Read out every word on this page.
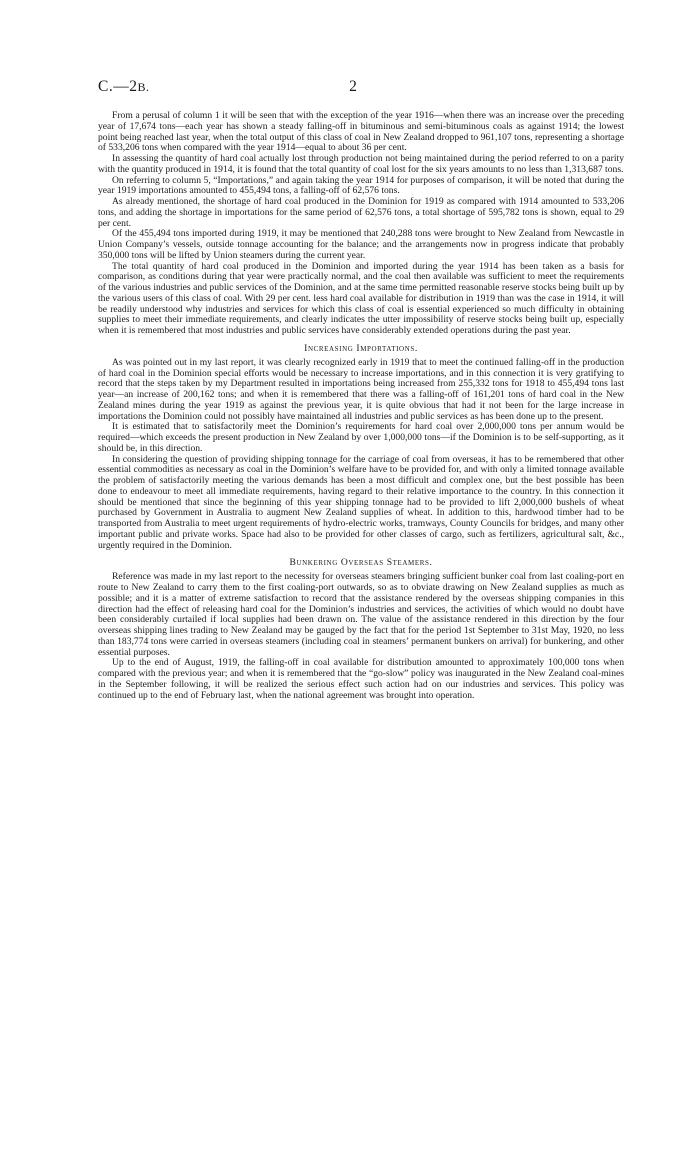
C.—2B.	2

From a perusal of column 1 it will be seen that with the exception of the year 1916—when there was an increase over the preceding year of 17,674 tons—each year has shown a steady falling-off in bituminous and semi-bituminous coals as against 1914; the lowest point being reached last year, when the total output of this class of coal in New Zealand dropped to 961,107 tons, representing a shortage of 533,206 tons when compared with the year 1914—equal to about 36 per cent.

In assessing the quantity of hard coal actually lost through production not being maintained during the period referred to on a parity with the quantity produced in 1914, it is found that the total quantity of coal lost for the six years amounts to no less than 1,313,687 tons.

On referring to column 5, “Importations,” and again taking the year 1914 for purposes of comparison, it will be noted that during the year 1919 importations amounted to 455,494 tons, a falling-off of 62,576 tons.

As already mentioned, the shortage of hard coal produced in the Dominion for 1919 as compared with 1914 amounted to 533,206 tons, and adding the shortage in importations for the same period of 62,576 tons, a total shortage of 595,782 tons is shown, equal to 29 per cent.

Of the 455,494 tons imported during 1919, it may be mentioned that 240,288 tons were brought to New Zealand from Newcastle in Union Company’s vessels, outside tonnage accounting for the balance; and the arrangements now in progress indicate that probably 350,000 tons will be lifted by Union steamers during the current year.

The total quantity of hard coal produced in the Dominion and imported during the year 1914 has been taken as a basis for comparison, as conditions during that year were practically normal, and the coal then available was sufficient to meet the requirements of the various industries and public services of the Dominion, and at the same time permitted reasonable reserve stocks being built up by the various users of this class of coal. With 29 per cent. less hard coal available for distribution in 1919 than was the case in 1914, it will be readily understood why industries and services for which this class of coal is essential experienced so much difficulty in obtaining supplies to meet their immediate requirements, and clearly indicates the utter impossibility of reserve stocks being built up, especially when it is remembered that most industries and public services have considerably extended operations during the past year.

Increasing Importations.

As was pointed out in my last report, it was clearly recognized early in 1919 that to meet the continued falling-off in the production of hard coal in the Dominion special efforts would be necessary to increase importations, and in this connection it is very gratifying to record that the steps taken by my Department resulted in importations being increased from 255,332 tons for 1918 to 455,494 tons last year—an increase of 200,162 tons; and when it is remembered that there was a falling-off of 161,201 tons of hard coal in the New Zealand mines during the year 1919 as against the previous year, it is quite obvious that had it not been for the large increase in importations the Dominion could not possibly have maintained all industries and public services as has been done up to the present.

It is estimated that to satisfactorily meet the Dominion’s requirements for hard coal over 2,000,000 tons per annum would be required—which exceeds the present production in New Zealand by over 1,000,000 tons—if the Dominion is to be self-supporting, as it should be, in this direction.

In considering the question of providing shipping tonnage for the carriage of coal from overseas, it has to be remembered that other essential commodities as necessary as coal in the Dominion’s welfare have to be provided for, and with only a limited tonnage available the problem of satisfactorily meeting the various demands has been a most difficult and complex one, but the best possible has been done to endeavour to meet all immediate requirements, having regard to their relative importance to the country. In this connection it should be mentioned that since the beginning of this year shipping tonnage had to be provided to lift 2,000,000 bushels of wheat purchased by Government in Australia to augment New Zealand supplies of wheat. In addition to this, hardwood timber had to be transported from Australia to meet urgent requirements of hydro-electric works, tramways, County Councils for bridges, and many other important public and private works. Space had also to be provided for other classes of cargo, such as fertilizers, agricultural salt, &c., urgently required in the Dominion.

Bunkering Overseas Steamers.

Reference was made in my last report to the necessity for overseas steamers bringing sufficient bunker coal from last coaling-port en route to New Zealand to carry them to the first coaling-port outwards, so as to obviate drawing on New Zealand supplies as much as possible; and it is a matter of extreme satisfaction to record that the assistance rendered by the overseas shipping companies in this direction had the effect of releasing hard coal for the Dominion’s industries and services, the activities of which would no doubt have been considerably curtailed if local supplies had been drawn on. The value of the assistance rendered in this direction by the four overseas shipping lines trading to New Zealand may be gauged by the fact that for the period 1st September to 31st May, 1920, no less than 183,774 tons were carried in overseas steamers (including coal in steamers’ permanent bunkers on arrival) for bunkering, and other essential purposes.

Up to the end of August, 1919, the falling-off in coal available for distribution amounted to approximately 100,000 tons when compared with the previous year; and when it is remembered that the “go-slow” policy was inaugurated in the New Zealand coal-mines in the September following, it will be realized the serious effect such action had on our industries and services. This policy was continued up to the end of February last, when the national agreement was brought into operation.
